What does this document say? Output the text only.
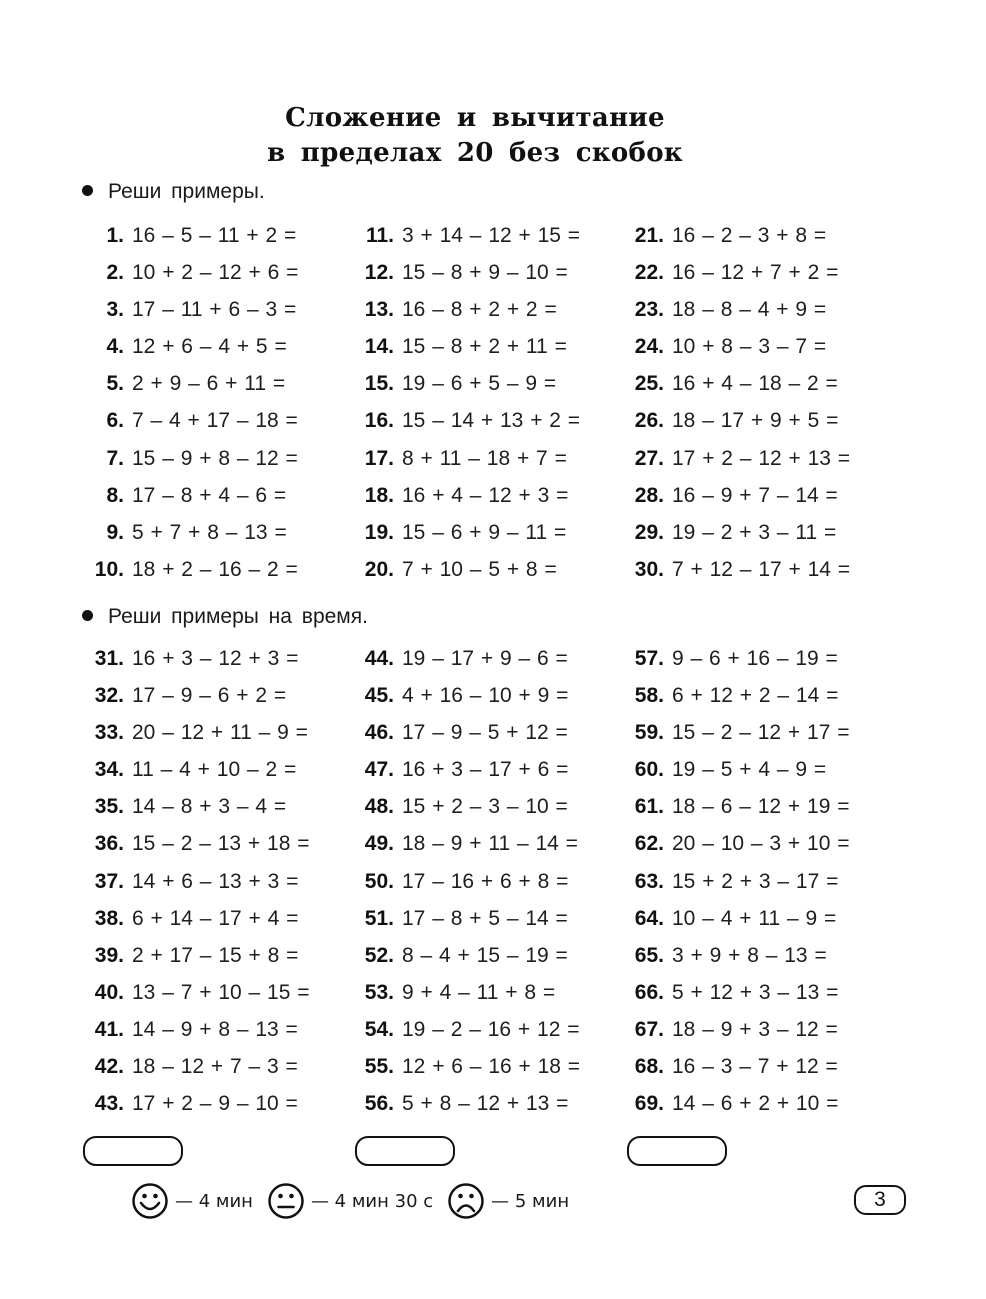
Сложение и вычитание
в пределах 20 без скобок
Реши примеры.
1. 16 – 5 – 11 + 2 =
2. 10 + 2 – 12 + 6 =
3. 17 – 11 + 6 – 3 =
4. 12 + 6 – 4 + 5 =
5. 2 + 9 – 6 + 11 =
6. 7 – 4 + 17 – 18 =
7. 15 – 9 + 8 – 12 =
8. 17 – 8 + 4 – 6 =
9. 5 + 7 + 8 – 13 =
10. 18 + 2 – 16 – 2 =
11. 3 + 14 – 12 + 15 =
12. 15 – 8 + 9 – 10 =
13. 16 – 8 + 2 + 2 =
14. 15 – 8 + 2 + 11 =
15. 19 – 6 + 5 – 9 =
16. 15 – 14 + 13 + 2 =
17. 8 + 11 – 18 + 7 =
18. 16 + 4 – 12 + 3 =
19. 15 – 6 + 9 – 11 =
20. 7 + 10 – 5 + 8 =
21. 16 – 2 – 3 + 8 =
22. 16 – 12 + 7 + 2 =
23. 18 – 8 – 4 + 9 =
24. 10 + 8 – 3 – 7 =
25. 16 + 4 – 18 – 2 =
26. 18 – 17 + 9 + 5 =
27. 17 + 2 – 12 + 13 =
28. 16 – 9 + 7 – 14 =
29. 19 – 2 + 3 – 11 =
30. 7 + 12 – 17 + 14 =
Реши примеры на время.
31. 16 + 3 – 12 + 3 =
32. 17 – 9 – 6 + 2 =
33. 20 – 12 + 11 – 9 =
34. 11 – 4 + 10 – 2 =
35. 14 – 8 + 3 – 4 =
36. 15 – 2 – 13 + 18 =
37. 14 + 6 – 13 + 3 =
38. 6 + 14 – 17 + 4 =
39. 2 + 17 – 15 + 8 =
40. 13 – 7 + 10 – 15 =
41. 14 – 9 + 8 – 13 =
42. 18 – 12 + 7 – 3 =
43. 17 + 2 – 9 – 10 =
44. 19 – 17 + 9 – 6 =
45. 4 + 16 – 10 + 9 =
46. 17 – 9 – 5 + 12 =
47. 16 + 3 – 17 + 6 =
48. 15 + 2 – 3 – 10 =
49. 18 – 9 + 11 – 14 =
50. 17 – 16 + 6 + 8 =
51. 17 – 8 + 5 – 14 =
52. 8 – 4 + 15 – 19 =
53. 9 + 4 – 11 + 8 =
54. 19 – 2 – 16 + 12 =
55. 12 + 6 – 16 + 18 =
56. 5 + 8 – 12 + 13 =
57. 9 – 6 + 16 – 19 =
58. 6 + 12 + 2 – 14 =
59. 15 – 2 – 12 + 17 =
60. 19 – 5 + 4 – 9 =
61. 18 – 6 – 12 + 19 =
62. 20 – 10 – 3 + 10 =
63. 15 + 2 + 3 – 17 =
64. 10 – 4 + 11 – 9 =
65. 3 + 9 + 8 – 13 =
66. 5 + 12 + 3 – 13 =
67. 18 – 9 + 3 – 12 =
68. 16 – 3 – 7 + 12 =
69. 14 – 6 + 2 + 10 =
— 4 мин	— 4 мин 30 с	— 5 мин	3
